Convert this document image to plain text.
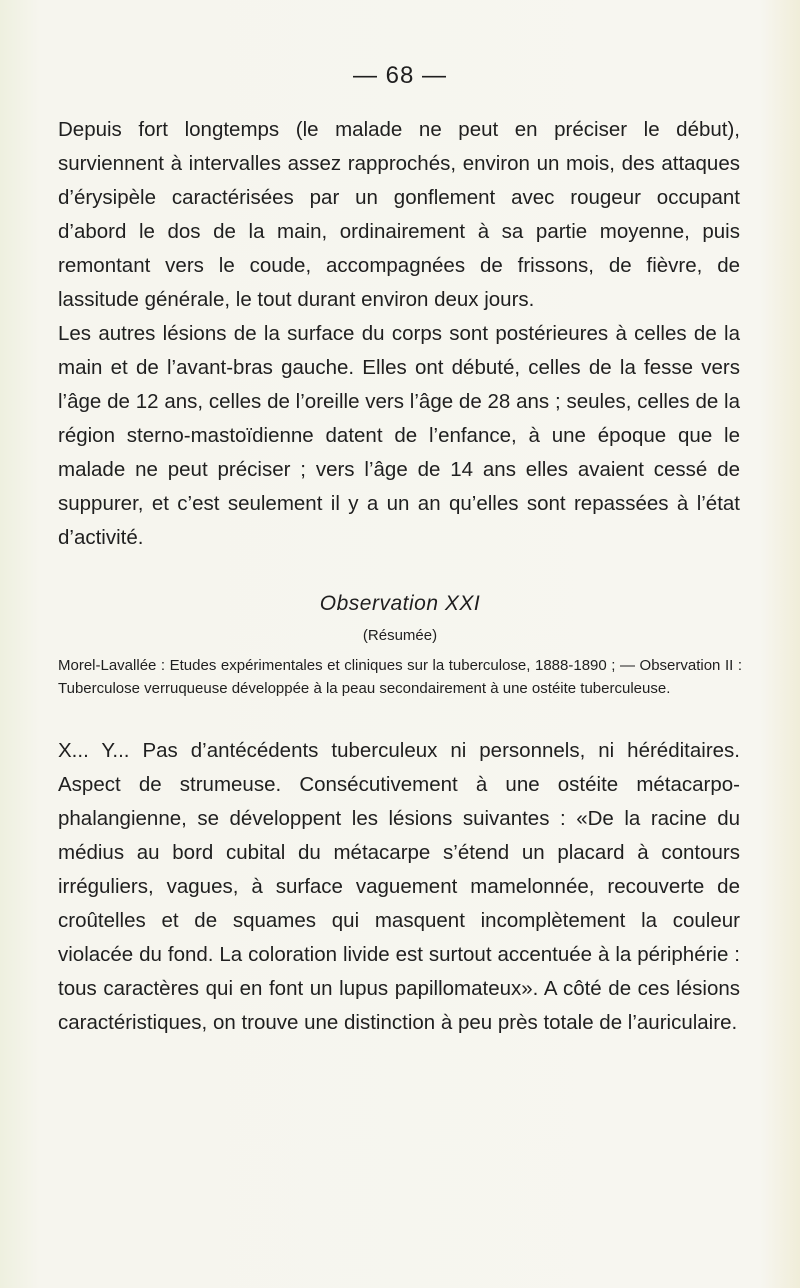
— 68 —

Depuis fort longtemps (le malade ne peut en préciser le début), surviennent à intervalles assez rapprochés, environ un mois, des attaques d’érysipèle caractérisées par un gonflement avec rougeur occupant d’abord le dos de la main, ordinairement à sa partie moyenne, puis remontant vers le coude, accompagnées de frissons, de fièvre, de lassitude générale, le tout durant environ deux jours.

Les autres lésions de la surface du corps sont postérieures à celles de la main et de l’avant-bras gauche. Elles ont débuté, celles de la fesse vers l’âge de 12 ans, celles de l’oreille vers l’âge de 28 ans ; seules, celles de la région sterno-mastoïdienne datent de l’enfance, à une époque que le malade ne peut préciser ; vers l’âge de 14 ans elles avaient cessé de suppurer, et c’est seulement il y a un an qu’elles sont repassées à l’état d’activité.

Observation XXI
(Résumée)
Morel-Lavallée : Etudes expérimentales et cliniques sur la tuberculose, 1888-1890 ; — Observation II : Tuberculose verruqueuse développée à la peau secondairement à une ostéite tuberculeuse.

X... Y... Pas d’antécédents tuberculeux ni personnels, ni héréditaires. Aspect de strumeuse. Consécutivement à une ostéite métacarpo-phalangienne, se développent les lésions suivantes : «De la racine du médius au bord cubital du métacarpe s’étend un placard à contours irréguliers, vagues, à surface vaguement mamelonnée, recouverte de croûtelles et de squames qui masquent incomplètement la couleur violacée du fond. La coloration livide est surtout accentuée à la périphérie : tous caractères qui en font un lupus papillomateux». A côté de ces lésions caractéristiques, on trouve une distinction à peu près totale de l’auriculaire.
